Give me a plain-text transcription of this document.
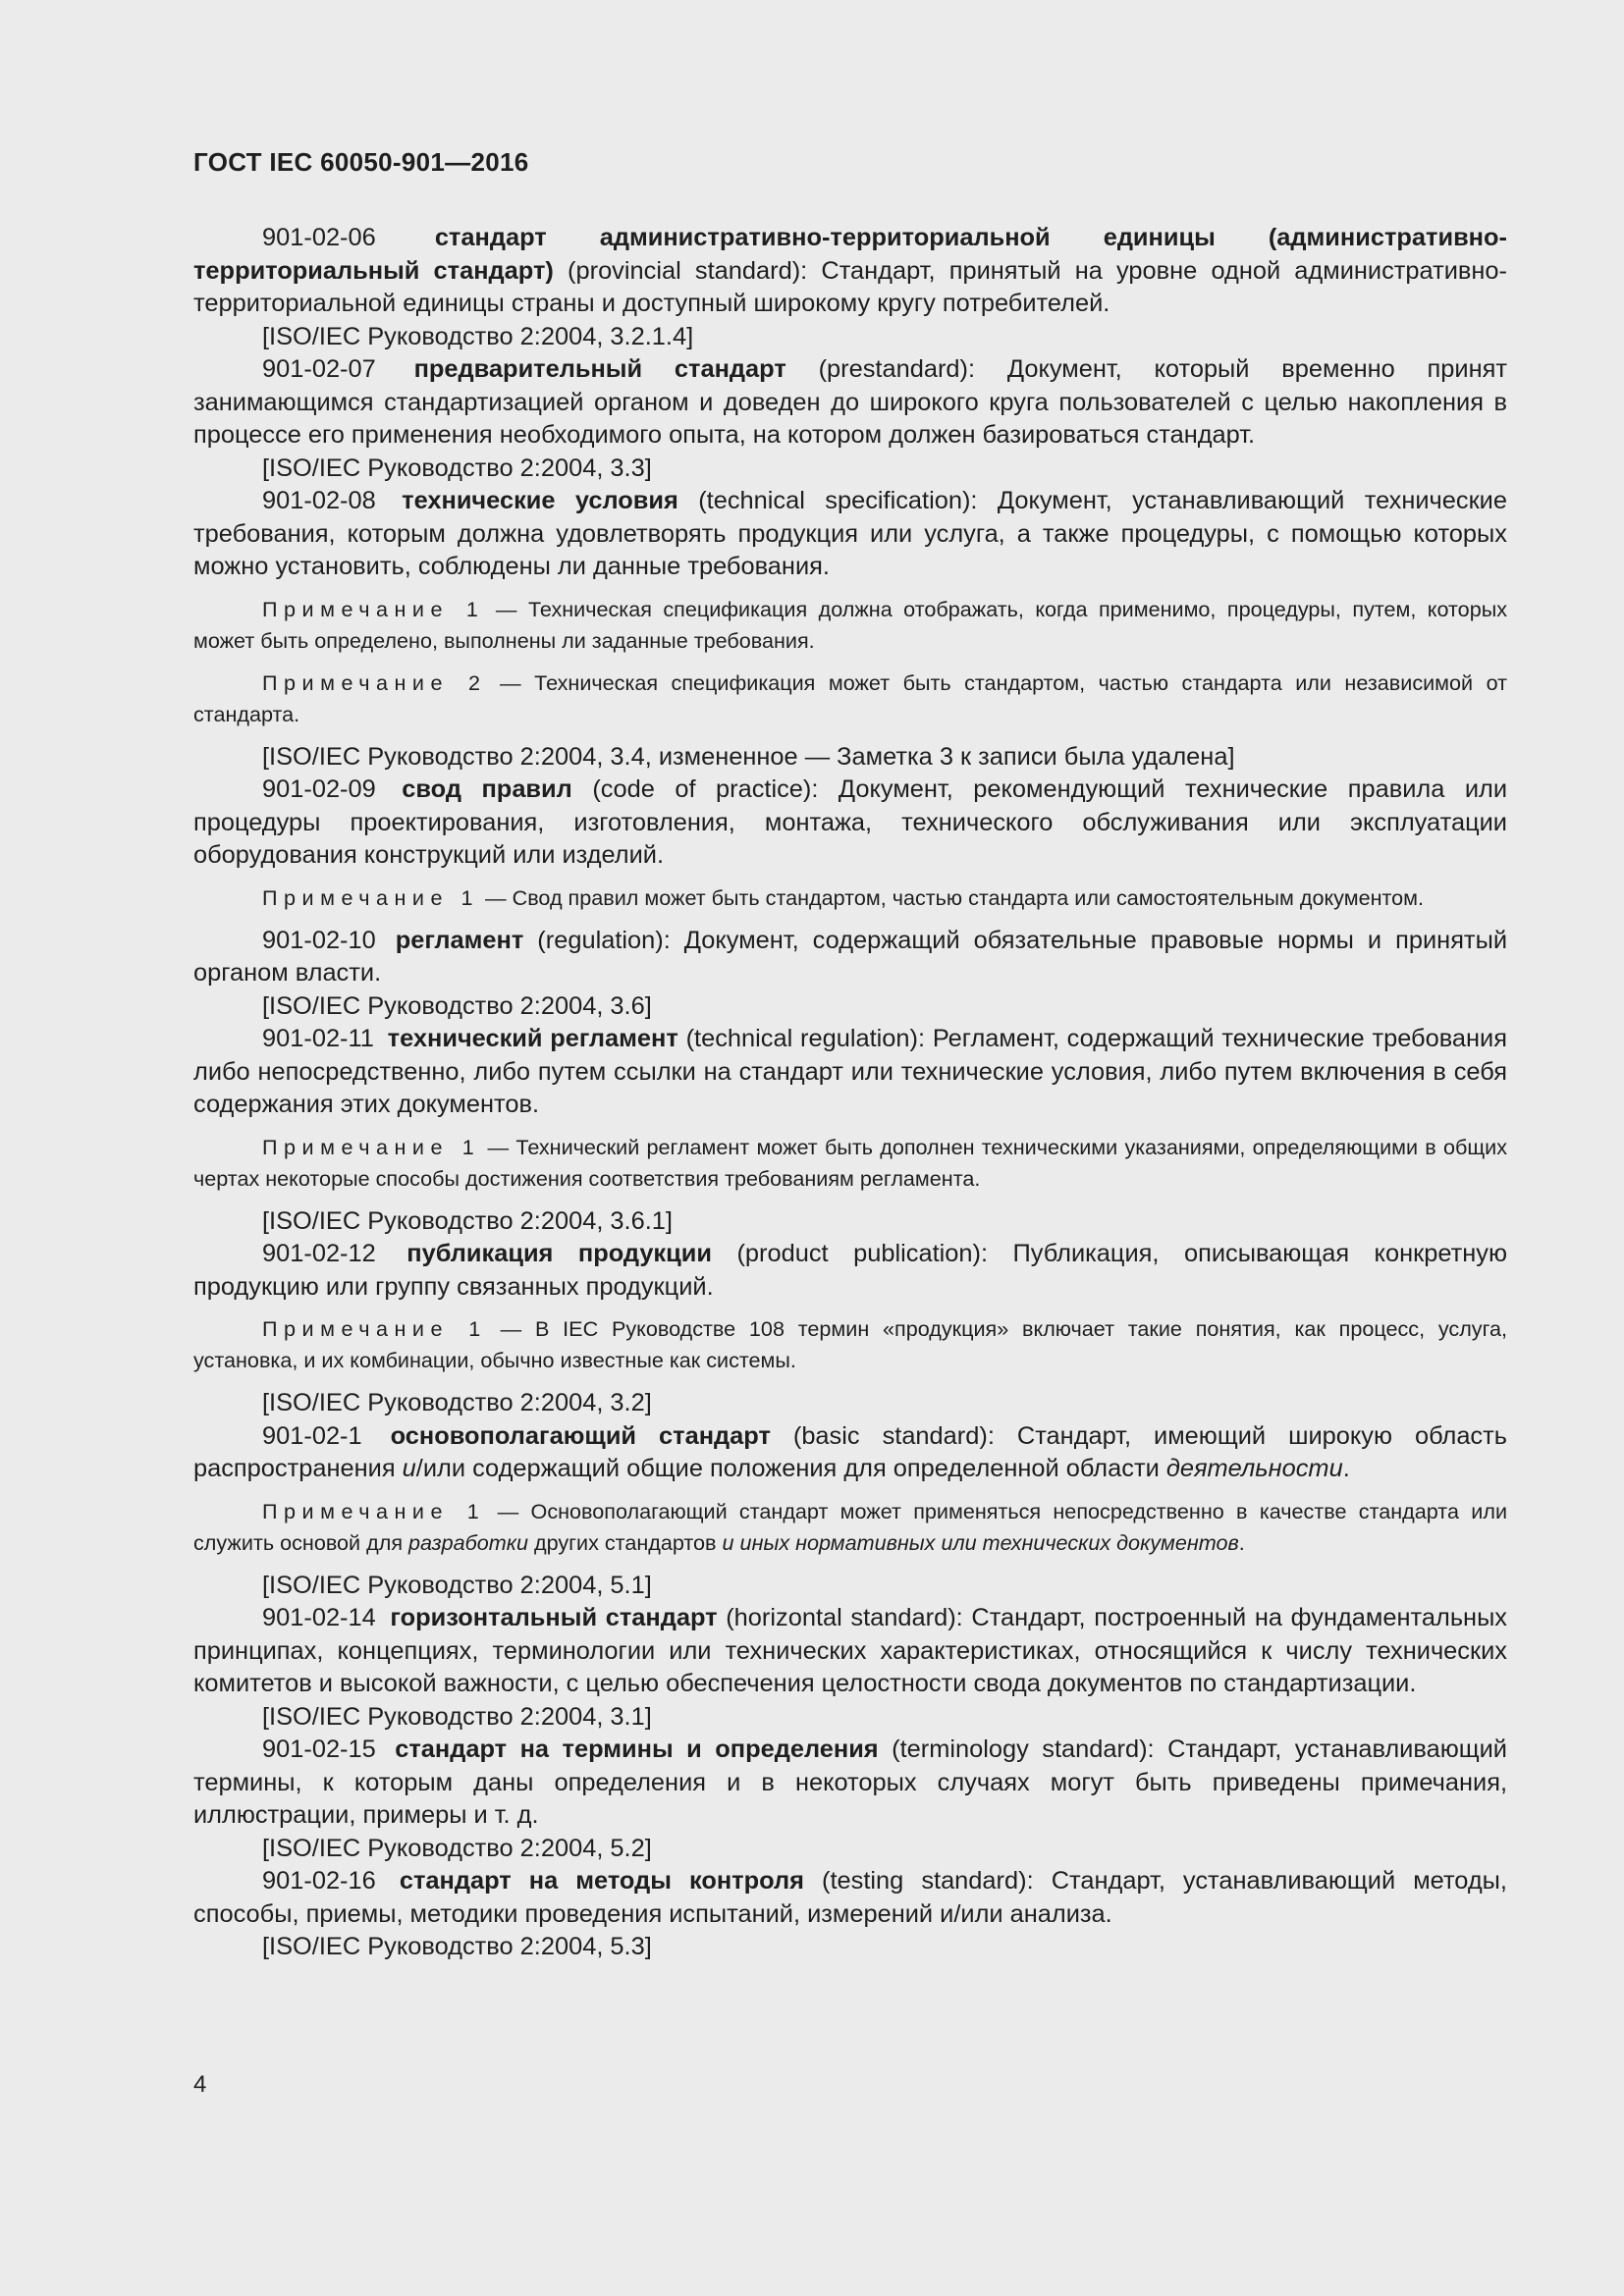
ГОСТ IEC 60050-901—2016

901-02-06 стандарт административно-территориальной единицы (административно-территориальный стандарт) (provincial standard): Стандарт, принятый на уровне одной административно-территориальной единицы страны и доступный широкому кругу потребителей.

[ISO/IEC Руководство 2:2004, 3.2.1.4]

901-02-07 предварительный стандарт (prestandard): Документ, который временно принят занимающимся стандартизацией органом и доведен до широкого круга пользователей с целью накопления в процессе его применения необходимого опыта, на котором должен базироваться стандарт.

[ISO/IEC Руководство 2:2004, 3.3]

901-02-08 технические условия (technical specification): Документ, устанавливающий технические требования, которым должна удовлетворять продукция или услуга, а также процедуры, с помощью которых можно установить, соблюдены ли данные требования.

Примечание 1 — Техническая спецификация должна отображать, когда применимо, процедуры, путем, которых может быть определено, выполнены ли заданные требования.

Примечание 2 — Техническая спецификация может быть стандартом, частью стандарта или независимой от стандарта.

[ISO/IEC Руководство 2:2004, 3.4, измененное — Заметка 3 к записи была удалена]

901-02-09 свод правил (code of practice): Документ, рекомендующий технические правила или процедуры проектирования, изготовления, монтажа, технического обслуживания или эксплуатации оборудования конструкций или изделий.

Примечание 1 — Свод правил может быть стандартом, частью стандарта или самостоятельным документом.

901-02-10 регламент (regulation): Документ, содержащий обязательные правовые нормы и принятый органом власти.

[ISO/IEC Руководство 2:2004, 3.6]

901-02-11 технический регламент (technical regulation): Регламент, содержащий технические требования либо непосредственно, либо путем ссылки на стандарт или технические условия, либо путем включения в себя содержания этих документов.

Примечание 1 — Технический регламент может быть дополнен техническими указаниями, определяющими в общих чертах некоторые способы достижения соответствия требованиям регламента.

[ISO/IEC Руководство 2:2004, 3.6.1]

901-02-12 публикация продукции (product publication): Публикация, описывающая конкретную продукцию или группу связанных продукций.

Примечание 1 — В IEC Руководстве 108 термин «продукция» включает такие понятия, как процесс, услуга, установка, и их комбинации, обычно известные как системы.

[ISO/IEC Руководство 2:2004, 3.2]

901-02-1 основополагающий стандарт (basic standard): Стандарт, имеющий широкую область распространения и/или содержащий общие положения для определенной области деятельности.

Примечание 1 — Основополагающий стандарт может применяться непосредственно в качестве стандарта или служить основой для разработки других стандартов и иных нормативных или технических документов.

[ISO/IEC Руководство 2:2004, 5.1]

901-02-14 горизонтальный стандарт (horizontal standard): Стандарт, построенный на фундаментальных принципах, концепциях, терминологии или технических характеристиках, относящийся к числу технических комитетов и высокой важности, с целью обеспечения целостности свода документов по стандартизации.

[ISO/IEC Руководство 2:2004, 3.1]

901-02-15 стандарт на термины и определения (terminology standard): Стандарт, устанавливающий термины, к которым даны определения и в некоторых случаях могут быть приведены примечания, иллюстрации, примеры и т. д.

[ISO/IEC Руководство 2:2004, 5.2]

901-02-16 стандарт на методы контроля (testing standard): Стандарт, устанавливающий методы, способы, приемы, методики проведения испытаний, измерений и/или анализа.

[ISO/IEC Руководство 2:2004, 5.3]

4
